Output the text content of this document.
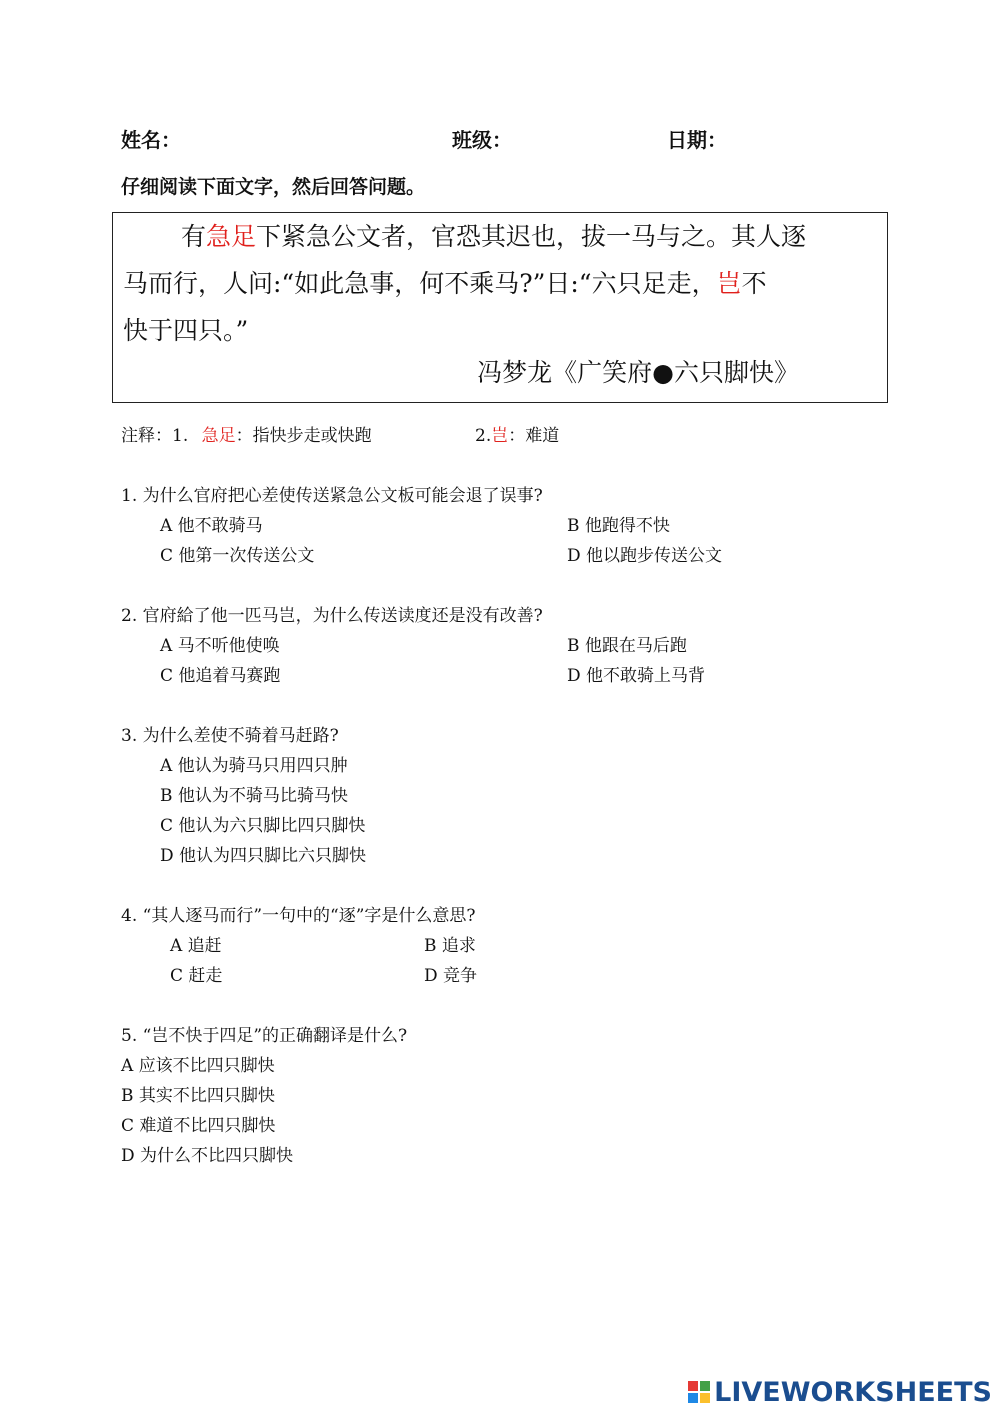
姓名：	班级：	日期：
仔细阅读下面文字，然后回答问题。
有急足下紧急公文者，官恐其迟也，拔一马与之。其人逐
马而行，人问:“如此急事，何不乘马?”日:“六只足走，岂不
快于四只。”
冯梦龙《广笑府●六只脚快》
注释：1. 急足：指快步走或快跑	2.岂：难道
1. 为什么官府把心差使传送紧急公文板可能会退了误事?
A 他不敢骑马	B 他跑得不快
C 他第一次传送公文	D 他以跑步传送公文
2. 官府給了他一匹马岂，为什么传送读度还是没有改善?
A 马不听他使唤	B 他跟在马后跑
C 他追着马赛跑	D 他不敢骑上马背
3. 为什么差使不骑着马赶路?
A 他认为骑马只用四只肿
B 他认为不骑马比骑马快
C 他认为六只脚比四只脚快
D 他认为四只脚比六只脚快
4. “其人逐马而行”一句中的“逐”字是什么意思?
A 追赶	B 追求
C 赶走	D 竞争
5. “岂不快于四足”的正确翻译是什么?
A 应该不比四只脚快
B 其实不比四只脚快
C 难道不比四只脚快
D 为什么不比四只脚快
LIVEWORKSHEETS
